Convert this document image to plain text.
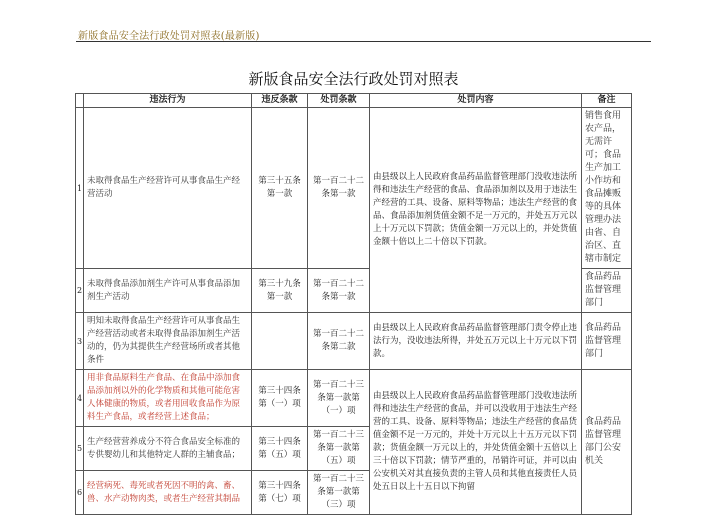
新版食品安全法行政处罚对照表(最新版)
新版食品安全法行政处罚对照表
	违法行为	违反条款	处罚条款	处罚内容	备注
1	未取得食品生产经营许可从事食品生产经营活动	第三十五条第一款	第一百二十二条第一款	由县级以上人民政府食品药品监督管理部门没收违法所得和违法生产经营的食品、食品添加剂以及用于违法生产经营的工具、设备、原料等物品；违法生产经营的食品、食品添加剂货值金额不足一万元的，并处五万元以上十万元以下罚款；货值金额一万元以上的，并处货值金额十倍以上二十倍以下罚款。	销售食用农产品，无需许可；食品生产加工小作坊和食品摊贩等的具体管理办法由省、自治区、直辖市制定
2	未取得食品添加剂生产许可从事食品添加剂生产活动	第三十九条第一款	第一百二十二条第一款		食品药品监督管理部门
3	明知未取得食品生产经营许可从事食品生产经营活动或者未取得食品添加剂生产活动的，仍为其提供生产经营场所或者其他条件		第一百二十二条第二款	由县级以上人民政府食品药品监督管理部门责令停止违法行为，没收违法所得，并处五万元以上十万元以下罚款。	食品药品监督管理部门
4	用非食品原料生产食品、在食品中添加食品添加剂以外的化学物质和其他可能危害人体健康的物质，或者用回收食品作为原料生产食品，或者经营上述食品；	第三十四条第（一）项	第一百二十三条第一款第（一）项	由县级以上人民政府食品药品监督管理部门没收违法所得和违法生产经营的食品，并可以没收用于违法生产经营的工具、设备、原料等物品；违法生产经营的食品货值金额不足一万元的，并处十万元以上十五万元以下罚款；货值金额一万元以上的，并处货值金额十五倍以上三十倍以下罚款；情节严重的，吊销许可证，并可以由公安机关对其直接负责的主管人员和其他直接责任人员处五日以上十五日以下拘留	食品药品监督管理部门公安机关
5	生产经营营养成分不符合食品安全标准的专供婴幼儿和其他特定人群的主辅食品；	第三十四条第（五）项	第一百二十三条第一款第（五）项		
6	经营病死、毒死或者死因不明的禽、畜、兽、水产动物肉类，或者生产经营其制品	第三十四条第（七）项	第一百二十三条第一款第（三）项		
